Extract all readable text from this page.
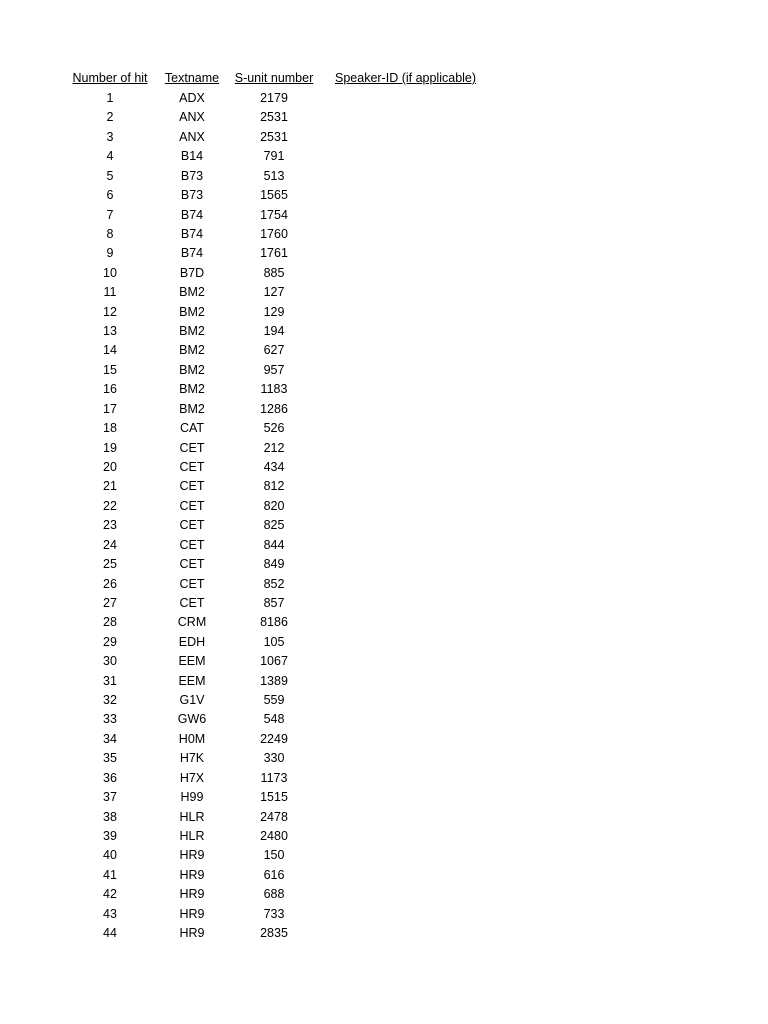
Number of hit	Textname	S-unit number	Speaker-ID (if applicable)
1	ADX	2179
2	ANX	2531
3	ANX	2531
4	B14	791
5	B73	513
6	B73	1565
7	B74	1754
8	B74	1760
9	B74	1761
10	B7D	885
11	BM2	127
12	BM2	129
13	BM2	194
14	BM2	627
15	BM2	957
16	BM2	1183
17	BM2	1286
18	CAT	526
19	CET	212
20	CET	434
21	CET	812
22	CET	820
23	CET	825
24	CET	844
25	CET	849
26	CET	852
27	CET	857
28	CRM	8186
29	EDH	105
30	EEM	1067
31	EEM	1389
32	G1V	559
33	GW6	548
34	H0M	2249
35	H7K	330
36	H7X	1173
37	H99	1515
38	HLR	2478
39	HLR	2480
40	HR9	150
41	HR9	616
42	HR9	688
43	HR9	733
44	HR9	2835
